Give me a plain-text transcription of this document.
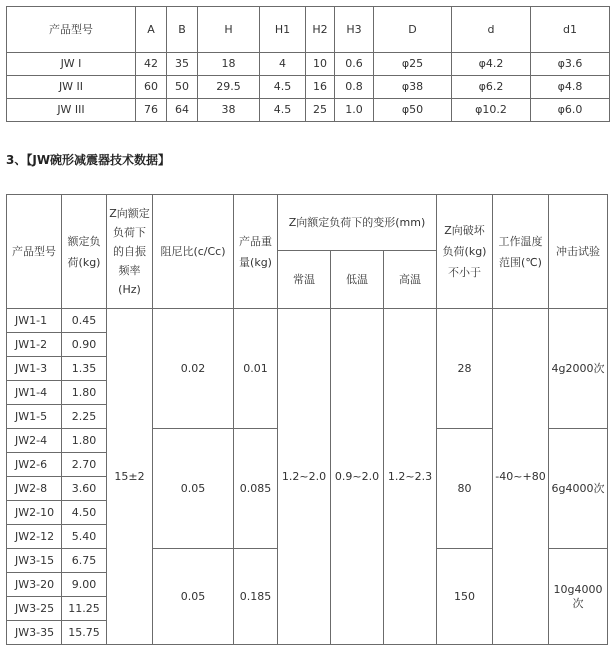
产品型号	A	B	H	H1	H2	H3	D	d	d1
JW I	42	35	18	4	10	0.6	φ25	φ4.2	φ3.6
JW II	60	50	29.5	4.5	16	0.8	φ38	φ6.2	φ4.8
JW III	76	64	38	4.5	25	1.0	φ50	φ10.2	φ6.0
3、【JW碗形减震器技术数据】
产品型号	额定负荷(kg)	Z向额定负荷下的自振频率(Hz)	阻尼比(c/Cc)	产品重量(kg)	Z向额定负荷下的变形(mm)			Z向破坏负荷(kg)不小于	工作温度范围(℃)	冲击试验
					常温	低温	高温			
JW1-1	0.45	15±2	0.02	0.01	1.2~2.0	0.9~2.0	1.2~2.3	28	-40~+80	4g2000次
JW1-2	0.90									
JW1-3	1.35									
JW1-4	1.80									
JW1-5	2.25									
JW2-4	1.80		0.05	0.085				80		6g4000次
JW2-6	2.70									
JW2-8	3.60									
JW2-10	4.50									
JW2-12	5.40									
JW3-15	6.75		0.05	0.185				150		10g4000次
JW3-20	9.00									
JW3-25	11.25									
JW3-35	15.75									
